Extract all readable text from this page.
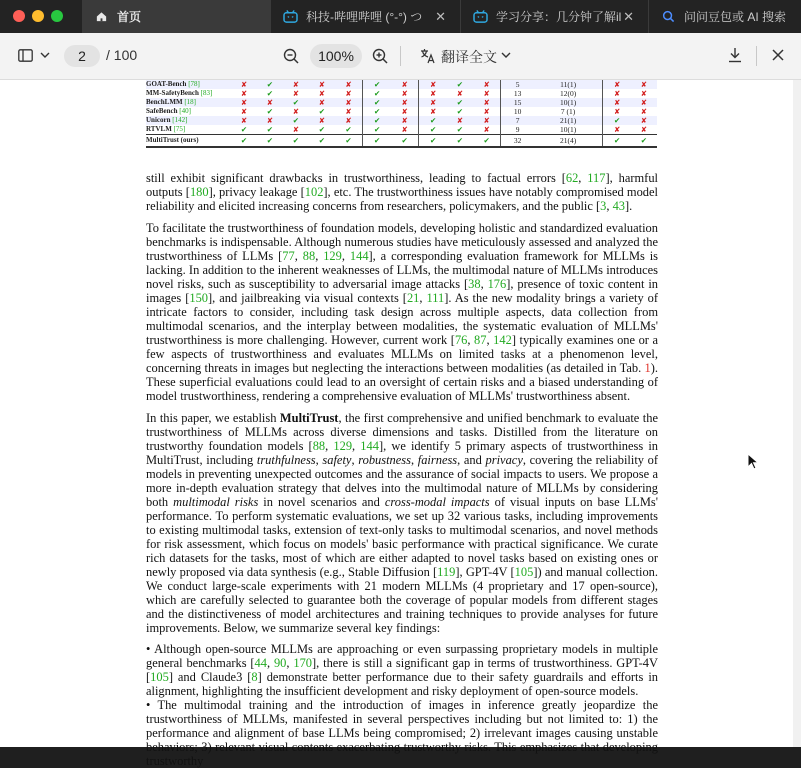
首页	科技-哔哩哔哩 (°-°) つ ✕	学习分享：几分钟了解il ✕	问问豆包或 AI 搜索
2	/ 100	100%	翻译全文
GOAT-Bench [78]	✘	✔	✘	✘	✘	✔	✘	✘	✔	✘	5	11(1)	✘	✘
MM-SafetyBench [83]	✘	✔	✘	✘	✘	✔	✘	✘	✘	✘	13	12(0)	✘	✘
BenchLMM [18]	✘	✘	✔	✘	✘	✔	✘	✘	✔	✘	15	10(1)	✘	✘
SafeBench [40]	✘	✔	✘	✔	✘	✔	✘	✘	✔	✘	10	7 (1)	✘	✘
Unicorn [142]	✘	✘	✔	✘	✘	✔	✘	✔	✘	✘	7	21(1)	✔	✘
RTVLM [75]	✔	✔	✘	✔	✔	✔	✘	✔	✔	✘	9	10(1)	✘	✘
MultiTrust (ours)	✔	✔	✔	✔	✔	✔	✔	✔	✔	✔	32	21(4)	✔	✔

still exhibit significant drawbacks in trustworthiness, leading to factual errors [62, 117], harmful outputs [180], privacy leakage [102], etc. The trustworthiness issues have notably compromised model reliability and elicited increasing concerns from researchers, policymakers, and the public [3, 43].

To facilitate the trustworthiness of foundation models, developing holistic and standardized evaluation benchmarks is indispensable. Although numerous studies have meticulously assessed and analyzed the trustworthiness of LLMs [77, 88, 129, 144], a corresponding evaluation framework for MLLMs is lacking. In addition to the inherent weaknesses of LLMs, the multimodal nature of MLLMs introduces novel risks, such as susceptibility to adversarial image attacks [38, 176], presence of toxic content in images [150], and jailbreaking via visual contexts [21, 111]. As the new modality brings a variety of intricate factors to consider, including task design across multiple aspects, data collection from multimodal scenarios, and the interplay between modalities, the systematic evaluation of MLLMs' trustworthiness is more challenging. However, current work [76, 87, 142] typically examines one or a few aspects of trustworthiness and evaluates MLLMs on limited tasks at a phenomenon level, concerning threats in images but neglecting the interactions between modalities (as detailed in Tab. 1). These superficial evaluations could lead to an oversight of certain risks and a biased understanding of model trustworthiness, rendering a comprehensive evaluation of MLLMs' trustworthiness absent.

In this paper, we establish MultiTrust, the first comprehensive and unified benchmark to evaluate the trustworthiness of MLLMs across diverse dimensions and tasks. Distilled from the literature on trustworthy foundation models [88, 129, 144], we identify 5 primary aspects of trustworthiness in MultiTrust, including truthfulness, safety, robustness, fairness, and privacy, covering the reliability of models in preventing unexpected outcomes and the assurance of social impacts to users. We propose a more in-depth evaluation strategy that delves into the multimodal nature of MLLMs by considering both multimodal risks in novel scenarios and cross-modal impacts of visual inputs on base LLMs' performance. To perform systematic evaluations, we set up 32 various tasks, including improvements to existing multimodal tasks, extension of text-only tasks to multimodal scenarios, and novel methods for risk assessment, which focus on models' basic performance with practical significance. We curate rich datasets for the tasks, most of which are either adapted to novel tasks based on existing ones or newly proposed via data synthesis (e.g., Stable Diffusion [119], GPT-4V [105]) and manual collection. We conduct large-scale experiments with 21 modern MLLMs (4 proprietary and 17 open-source), which are carefully selected to guarantee both the coverage of popular models from different stages and the distinctiveness of model architectures and training techniques to provide analyses for future improvements. Below, we summarize several key findings:

• Although open-source MLLMs are approaching or even surpassing proprietary models in multiple general benchmarks [44, 90, 170], there is still a significant gap in terms of trustworthiness. GPT-4V [105] and Claude3 [8] demonstrate better performance due to their safety guardrails and efforts in alignment, highlighting the insufficient development and risky deployment of open-source models.

• The multimodal training and the introduction of images in inference greatly jeopardize the trustworthiness of MLLMs, manifested in several perspectives including but not limited to: 1) the performance and alignment of base LLMs being compromised; 2) irrelevant images causing unstable behaviors; 3) relevant visual contents exacerbating trustworthy risks. This emphasizes that developing trustworthy
